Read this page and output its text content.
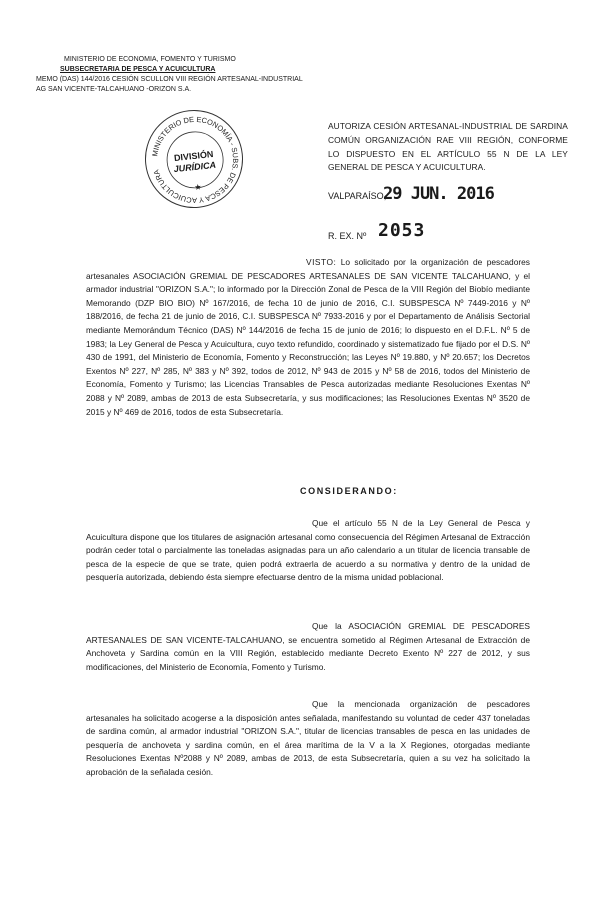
MINISTERIO DE ECONOMIA, FOMENTO Y TURISMO
SUBSECRETARIA DE PESCA Y ACUICULTURA
MEMO (DAS) 144/2016 CESIÓN SCULLON VIII REGIÓN ARTESANAL-INDUSTRIAL
AG SAN VICENTE-TALCAHUANO -ORIZON S.A.
MINISTERIO DE ECONOMÍA - SUBS. DE PESCA Y ACUICULTURA
★
DIVISIÓN
JURÍDICA
AUTORIZA CESIÓN ARTESANAL-INDUSTRIAL DE SARDINA COMÚN ORGANIZACIÓN RAE VIII REGIÓN, CONFORME LO DISPUESTO EN EL ARTÍCULO 55 N DE LA LEY GENERAL DE PESCA Y ACUICULTURA.
VALPARAÍSO,
29 JUN. 2016
R. EX. Nº 2053
VISTO: Lo solicitado por la organización de pescadores artesanales ASOCIACIÓN GREMIAL DE PESCADORES ARTESANALES DE SAN VICENTE TALCAHUANO, y el armador industrial "ORIZON S.A."; lo informado por la Dirección Zonal de Pesca de la VIII Región del Biobío mediante Memorando (DZP BIO BIO) Nº 167/2016, de fecha 10 de junio de 2016, C.I. SUBSPESCA Nº 7449-2016 y Nº 188/2016, de fecha 21 de junio de 2016, C.I. SUBSPESCA Nº 7933-2016 y por el Departamento de Análisis Sectorial mediante Memorándum Técnico (DAS) Nº 144/2016 de fecha 15 de junio de 2016; lo dispuesto en el D.F.L. Nº 5 de 1983; la Ley General de Pesca y Acuicultura, cuyo texto refundido, coordinado y sistematizado fue fijado por el D.S. Nº 430 de 1991, del Ministerio de Economía, Fomento y Reconstrucción; las Leyes Nº 19.880, y Nº 20.657; los Decretos Exentos Nº 227, Nº 285, Nº 383 y Nº 392, todos de 2012, Nº 943 de 2015 y Nº 58 de 2016, todos del Ministerio de Economía, Fomento y Turismo; las Licencias Transables de Pesca autorizadas mediante Resoluciones Exentas Nº 2088 y Nº 2089, ambas de 2013 de esta Subsecretaría, y sus modificaciones; las Resoluciones Exentas Nº 3520 de 2015 y Nº 469 de 2016, todos de esta Subsecretaría.
CONSIDERANDO:
Que el artículo 55 N de la Ley General de Pesca y Acuicultura dispone que los titulares de asignación artesanal como consecuencia del Régimen Artesanal de Extracción podrán ceder total o parcialmente las toneladas asignadas para un año calendario a un titular de licencia transable de pesca de la especie de que se trate, quien podrá extraerla de acuerdo a su normativa y dentro de la unidad de pesquería autorizada, debiendo ésta siempre efectuarse dentro de la misma unidad poblacional.
Que la ASOCIACIÓN GREMIAL DE PESCADORES ARTESANALES DE SAN VICENTE-TALCAHUANO, se encuentra sometido al Régimen Artesanal de Extracción de Anchoveta y Sardina común en la VIII Región, establecido mediante Decreto Exento Nº 227 de 2012, y sus modificaciones, del Ministerio de Economía, Fomento y Turismo.
Que la mencionada organización de pescadores artesanales ha solicitado acogerse a la disposición antes señalada, manifestando su voluntad de ceder 437 toneladas de sardina común, al armador industrial "ORIZON S.A.", titular de licencias transables de pesca en las unidades de pesquería de anchoveta y sardina común, en el área marítima de la V a la X Regiones, otorgadas mediante Resoluciones Exentas Nº2088 y Nº 2089, ambas de 2013, de esta Subsecretaría, quien a su vez ha solicitado la aprobación de la señalada cesión.
